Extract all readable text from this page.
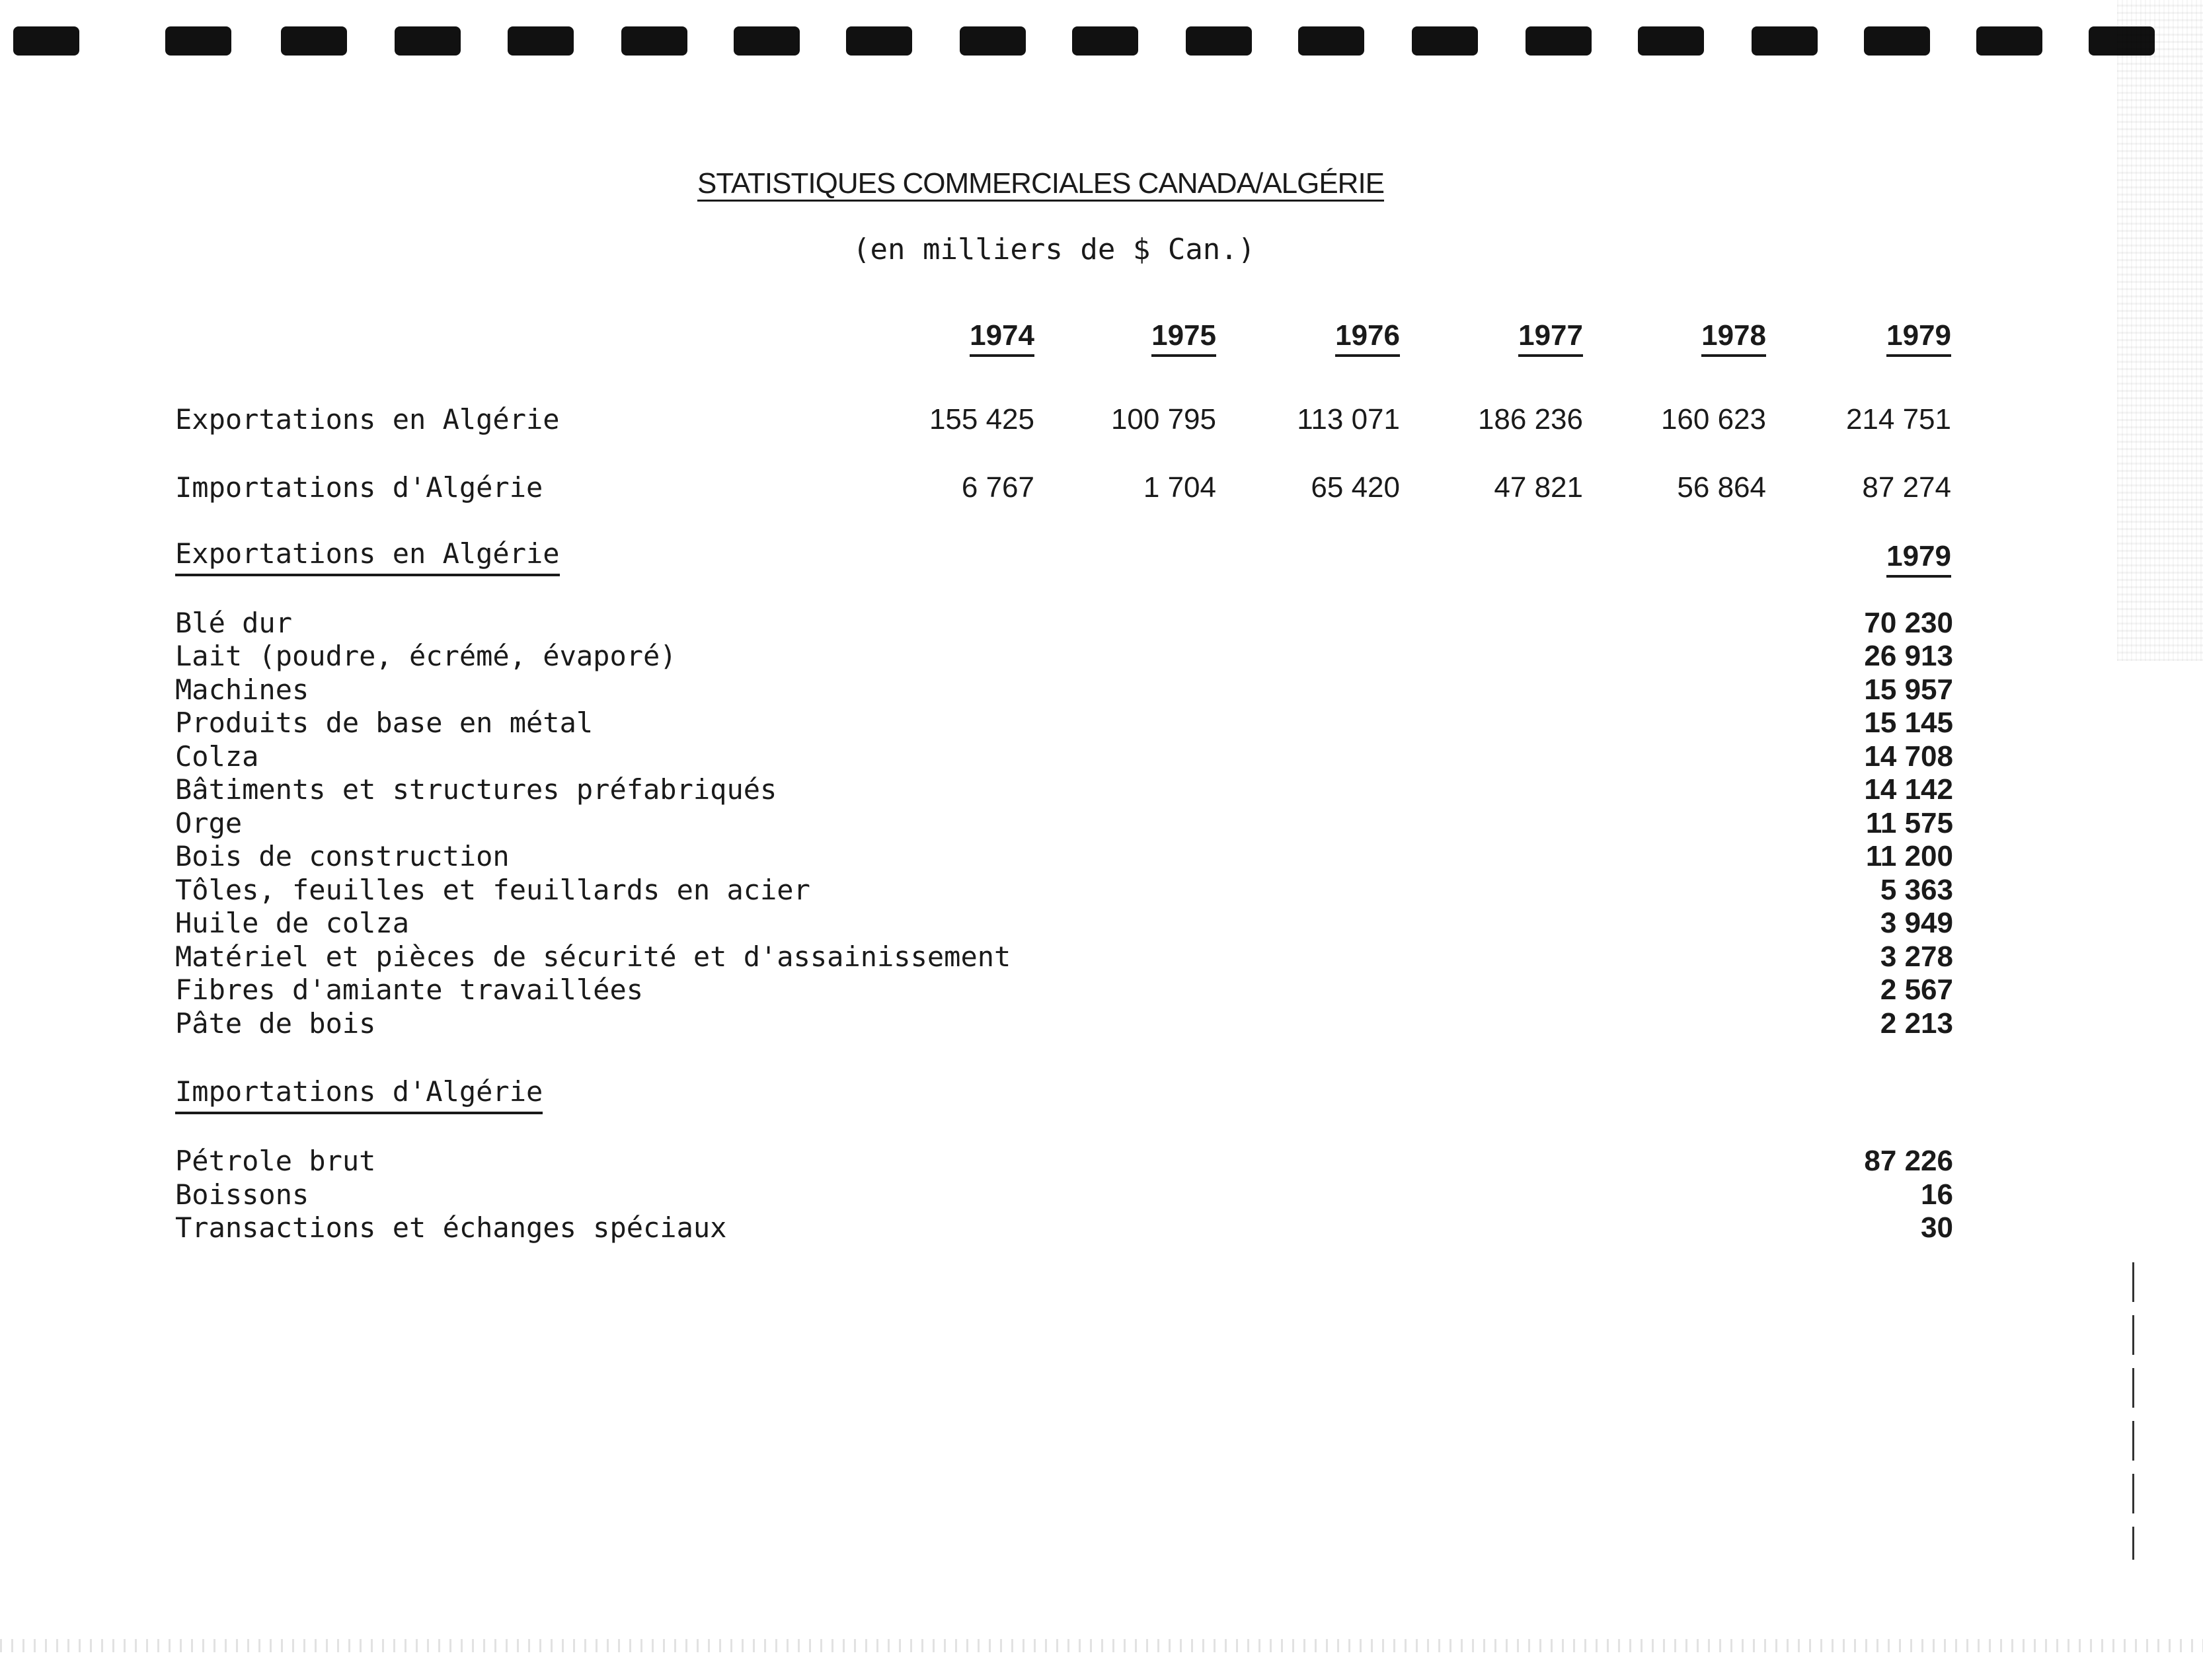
STATISTIQUES COMMERCIALES CANADA/ALGÉRIE
(en milliers de $ Can.)
1974	1975	1976	1977	1978	1979
Exportations en Algérie	155 425	100 795	113 071	186 236	160 623	214 751
Importations d'Algérie	6 767	1 704	65 420	47 821	56 864	87 274
Exportations en Algérie	1979
Blé dur	70 230
Lait (poudre, écrémé, évaporé)	26 913
Machines	15 957
Produits de base en métal	15 145
Colza	14 708
Bâtiments et structures préfabriqués	14 142
Orge	11 575
Bois de construction	11 200
Tôles, feuilles et feuillards en acier	5 363
Huile de colza	3 949
Matériel et pièces de sécurité et d'assainissement	3 278
Fibres d'amiante travaillées	2 567
Pâte de bois	2 213
Importations d'Algérie
Pétrole brut	87 226
Boissons	16
Transactions et échanges spéciaux	30
